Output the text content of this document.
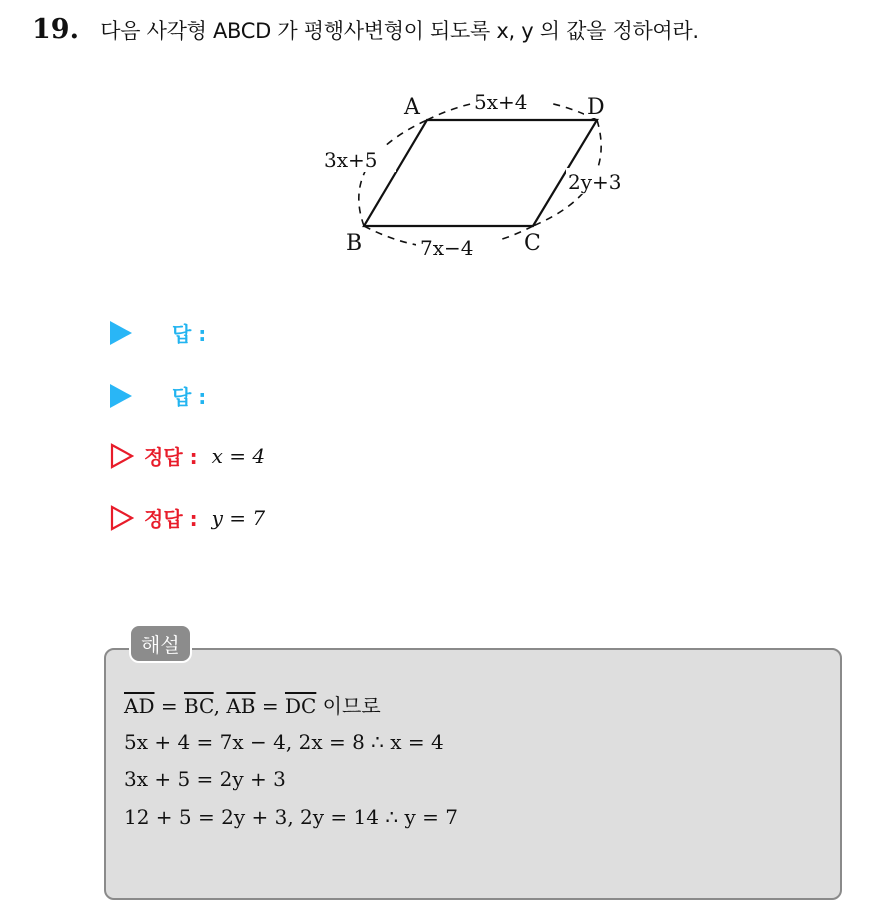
19. 다음 사각형 ABCD 가 평행사변형이 되도록 x, y 의 값을 정하여라.
A	D
B	C
5x+4
3x+5
2y+3
7x−4
답 :
답 :
정답 : x = 4
정답 : y = 7
해설
$\overline{AD} = \overline{BC}$, $\overline{AB} = \overline{DC}$ 이므로
5x + 4 = 7x − 4, 2x = 8 ∴ x = 4
3x + 5 = 2y + 3
12 + 5 = 2y + 3, 2y = 14 ∴ y = 7
